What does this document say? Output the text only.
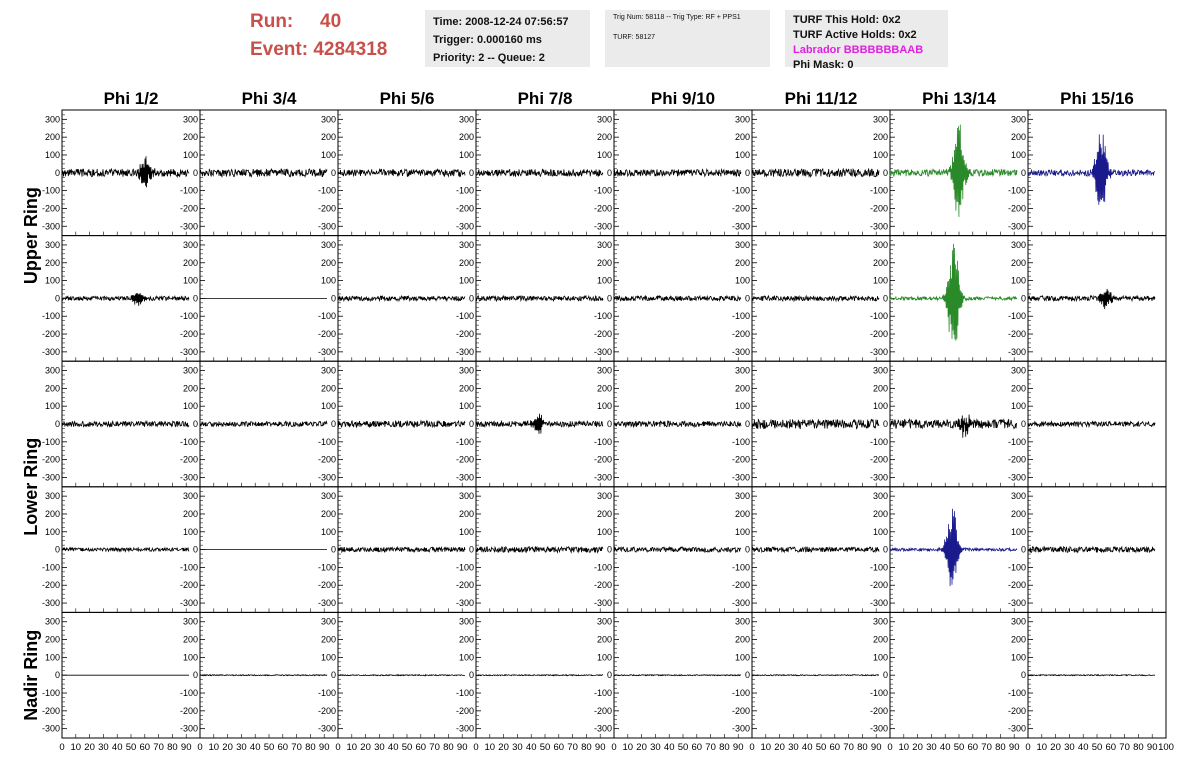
Run: 40
Event: 4284318
Time: 2008-12-24 07:56:57
Trigger: 0.000160 ms
Priority: 2 -- Queue: 2
Trig Num: 58118 -- Trig Type: RF + PPS1

TURF: 58127
TURF This Hold: 0x2
TURF Active Holds: 0x2
Labrador BBBBBBBAAB
Phi Mask: 0
Phi 1/2	Phi 3/4	Phi 5/6	Phi 7/8	Phi 9/10	Phi 11/12	Phi 13/14	Phi 15/16
Upper Ring
Lower Ring
Nadir Ring
-300
-200
-100
0
100
200
300
-300
-200
-100
0
100
200
300
-300
-200
-100
0
100
200
300
-300
-200
-100
0
100
200
300
-300
-200
-100
0
100
200
300
-300
-200
-100
0
100
200
300
-300
-200
-100
0
100
200
300
-300
-200
-100
0
100
200
300
-300
-200
-100
0
100
200
300
-300
-200
-100
0
100
200
300
-300
-200
-100
0
100
200
300
-300
-200
-100
0
100
200
300
-300
-200
-100
0
100
200
300
-300
-200
-100
0
100
200
300
-300
-200
-100
0
100
200
300
-300
-200
-100
0
100
200
300
-300
-200
-100
0
100
200
300
-300
-200
-100
0
100
200
300
-300
-200
-100
0
100
200
300
-300
-200
-100
0
100
200
300
-300
-200
-100
0
100
200
300
-300
-200
-100
0
100
200
300
-300
-200
-100
0
100
200
300
-300
-200
-100
0
100
200
300
-300
-200
-100
0
100
200
300
-300
-200
-100
0
100
200
300
-300
-200
-100
0
100
200
300
-300
-200
-100
0
100
200
300
-300
-200
-100
0
100
200
300
-300
-200
-100
0
100
200
300
-300
-200
-100
0
100
200
300
-300
-200
-100
0
100
200
300
-300
-200
-100
0
100
200
300
-300
-200
-100
0
100
200
300
-300
-200
-100
0
100
200
300
-300
-200
-100
0
100
200
300
-300
-200
-100
0
100
200
300
-300
-200
-100
0
100
200
300
-300
-200
-100
0
100
200
300
-300
-200
-100
0
100
200
300
0 10 20 30 40 50 60 70 80 90 0 10 20 30 40 50 60 70 80 90 0 10 20 30 40 50 60 70 80 90 0 10 20 30 40 50 60 70 80 90 0 10 20 30 40 50 60 70 80 90 0 10 20 30 40 50 60 70 80 90 0 10 20 30 40 50 60 70 80 90 0 10 20 30 40 50 60 70 80 90 100
